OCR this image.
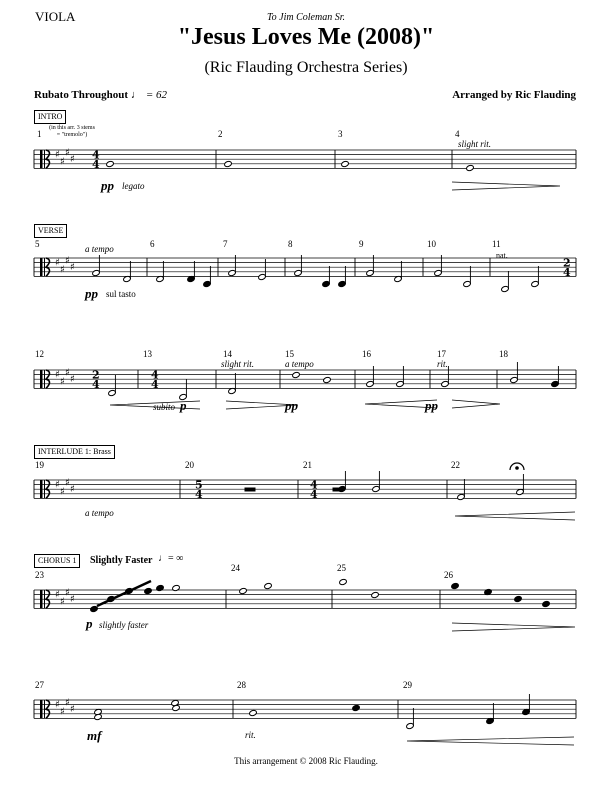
VIOLA	To Jim Coleman Sr.
"Jesus Loves Me (2008)"
(Ric Flauding Orchestra Series)
Rubato Throughout ♩ = 62	Arranged by Ric Flauding
♯
♯
♯
♯
♯
♯
♯
♯
♯
♯
♯
♯
♯
♯
♯
♯
♯
♯
♯
♯
♯
♯
♯
♯
4
4
2
4
2
4
4
4
5
4
4
4
INTRO
VERSE
INTERLUDE 1: Brass
CHORUS 1	Slightly Faster ♩= ∞
1	2	3	4
5	6	7	8	9	10	11
12	13	14	15	16	17	18
19	20	21	22
23
24	25
26
27	28	29
(in this arr. 3 stems = "tremolo")
pp legato
slight rit.
a tempo
pp sul tasto
nat.
subito p
slight rit.	a tempo
pp
rit.
pp
a tempo
p slightly faster
mf	rit.
This arrangement © 2008 Ric Flauding.
